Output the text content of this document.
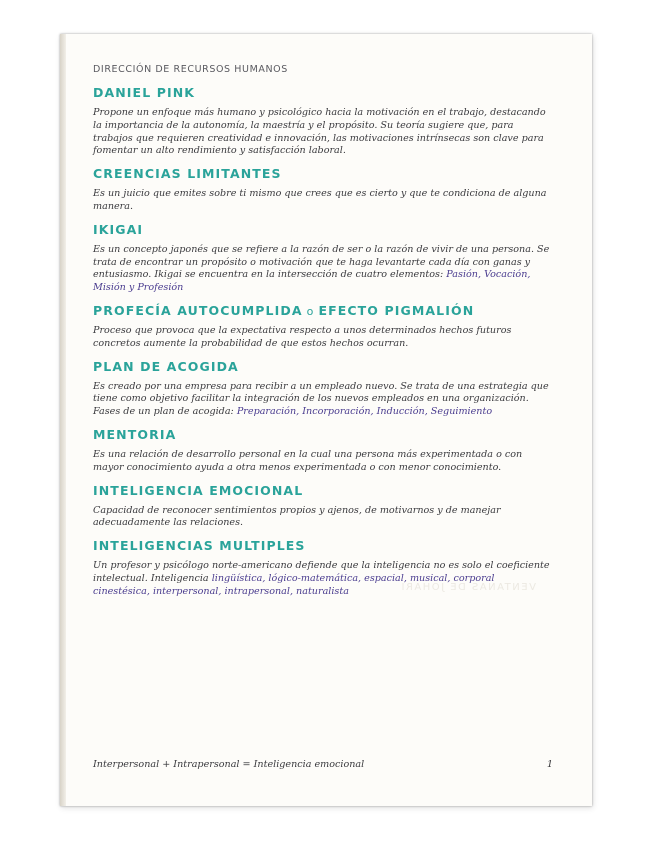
VENTANAS DE JOHARI
DIRECCIÓN DE RECURSOS HUMANOS
DANIEL PINK

Propone un enfoque más humano y psicológico hacia la motivación en el trabajo, destacando la importancia de la autonomía, la maestría y el propósito. Su teoría sugiere que, para trabajos que requieren creatividad e innovación, las motivaciones intrínsecas son clave para fomentar un alto rendimiento y satisfacción laboral.

CREENCIAS LIMITANTES

Es un juicio que emites sobre ti mismo que crees que es cierto y que te condiciona de alguna manera.

IKIGAI

Es un concepto japonés que se refiere a la razón de ser o la razón de vivir de una persona. Se trata de encontrar un propósito o motivación que te haga levantarte cada día con ganas y entusiasmo. Ikigai se encuentra en la intersección de cuatro elementos: Pasión, Vocación, Misión y Profesión

PROFECÍA AUTOCUMPLIDA o EFECTO PIGMALIÓN

Proceso que provoca que la expectativa respecto a unos determinados hechos futuros concretos aumente la probabilidad de que estos hechos ocurran.

PLAN DE ACOGIDA

Es creado por una empresa para recibir a un empleado nuevo. Se trata de una estrategia que tiene como objetivo facilitar la integración de los nuevos empleados en una organización. Fases de un plan de acogida: Preparación, Incorporación, Inducción, Seguimiento

MENTORIA

Es una relación de desarrollo personal en la cual una persona más experimentada o con mayor conocimiento ayuda a otra menos experimentada o con menor conocimiento.

INTELIGENCIA EMOCIONAL

Capacidad de reconocer sentimientos propios y ajenos, de motivarnos y de manejar adecuadamente las relaciones.

INTELIGENCIAS MULTIPLES

Un profesor y psicólogo norte-americano defiende que la inteligencia no es solo el coeficiente intelectual. Inteligencia lingüística, lógico-matemática, espacial, musical, corporal cinestésica, interpersonal, intrapersonal, naturalista

Interpersonal + Intrapersonal = Inteligencia emocional	1
